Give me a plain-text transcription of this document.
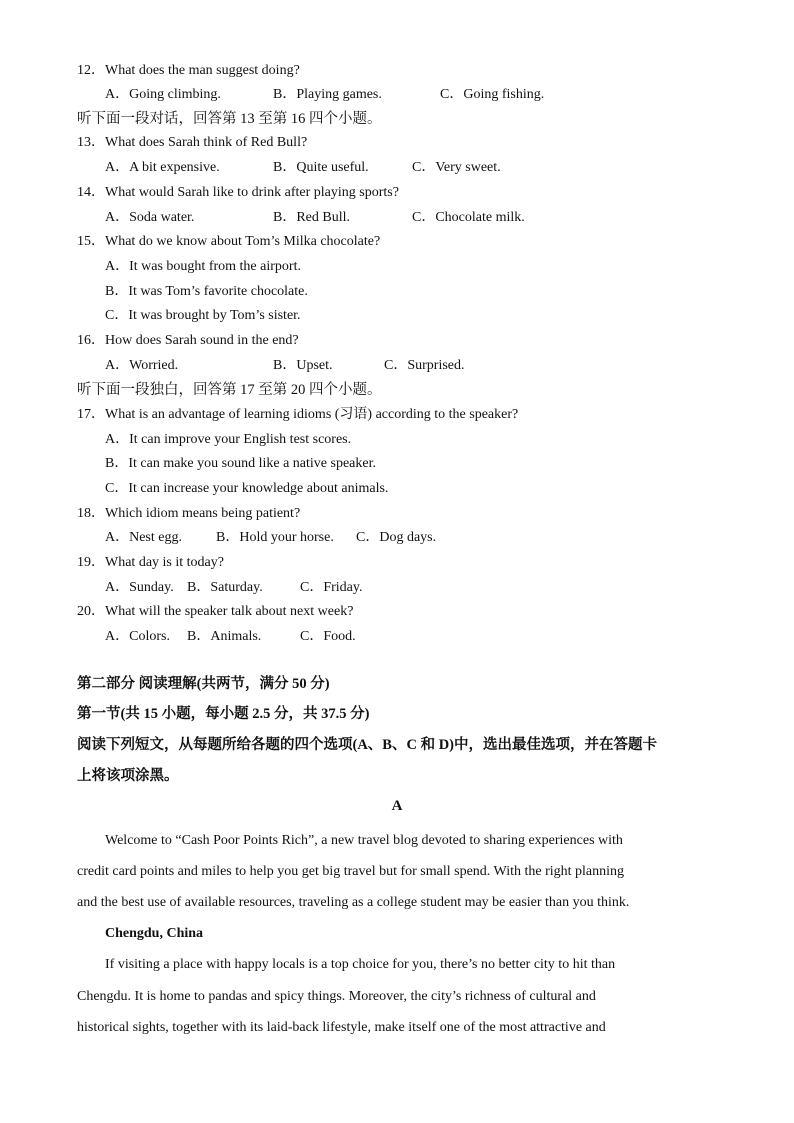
12．What does the man suggest doing?
A．Going climbing.	B．Playing games.	C．Going fishing.
听下面一段对话，回答第 13 至第 16 四个小题。
13．What does Sarah think of Red Bull?
A．A bit expensive.	B．Quite useful.	C．Very sweet.
14．What would Sarah like to drink after playing sports?
A．Soda water.	B．Red Bull.	C．Chocolate milk.
15．What do we know about Tom’s Milka chocolate?
A．It was bought from the airport.
B．It was Tom’s favorite chocolate.
C．It was brought by Tom’s sister.
16．How does Sarah sound in the end?
A．Worried.	B．Upset.	C．Surprised.
听下面一段独白，回答第 17 至第 20 四个小题。
17．What is an advantage of learning idioms (习语) according to the speaker?
A．It can improve your English test scores.
B．It can make you sound like a native speaker.
C．It can increase your knowledge about animals.
18．Which idiom means being patient?
A．Nest egg. B．Hold your horse. C．Dog days.
19．What day is it today?
A．Sunday. B．Saturday.	C．Friday.
20．What will the speaker talk about next week?
A．Colors. B．Animals.	C．Food.
第二部分 阅读理解(共两节，满分 50 分)
第一节(共 15 小题，每小题 2.5 分，共 37.5 分)
阅读下列短文，从每题所给各题的四个选项(A、B、C 和 D)中，选出最佳选项，并在答题卡
上将该项涂黑。
A
Welcome to “Cash Poor Points Rich”, a new travel blog devoted to sharing experiences with
credit card points and miles to help you get big travel but for small spend. With the right planning
and the best use of available resources, traveling as a college student may be easier than you think.
Chengdu, China
If visiting a place with happy locals is a top choice for you, there’s no better city to hit than
Chengdu. It is home to pandas and spicy things. Moreover, the city’s richness of cultural and
historical sights, together with its laid-back lifestyle, make itself one of the most attractive and
